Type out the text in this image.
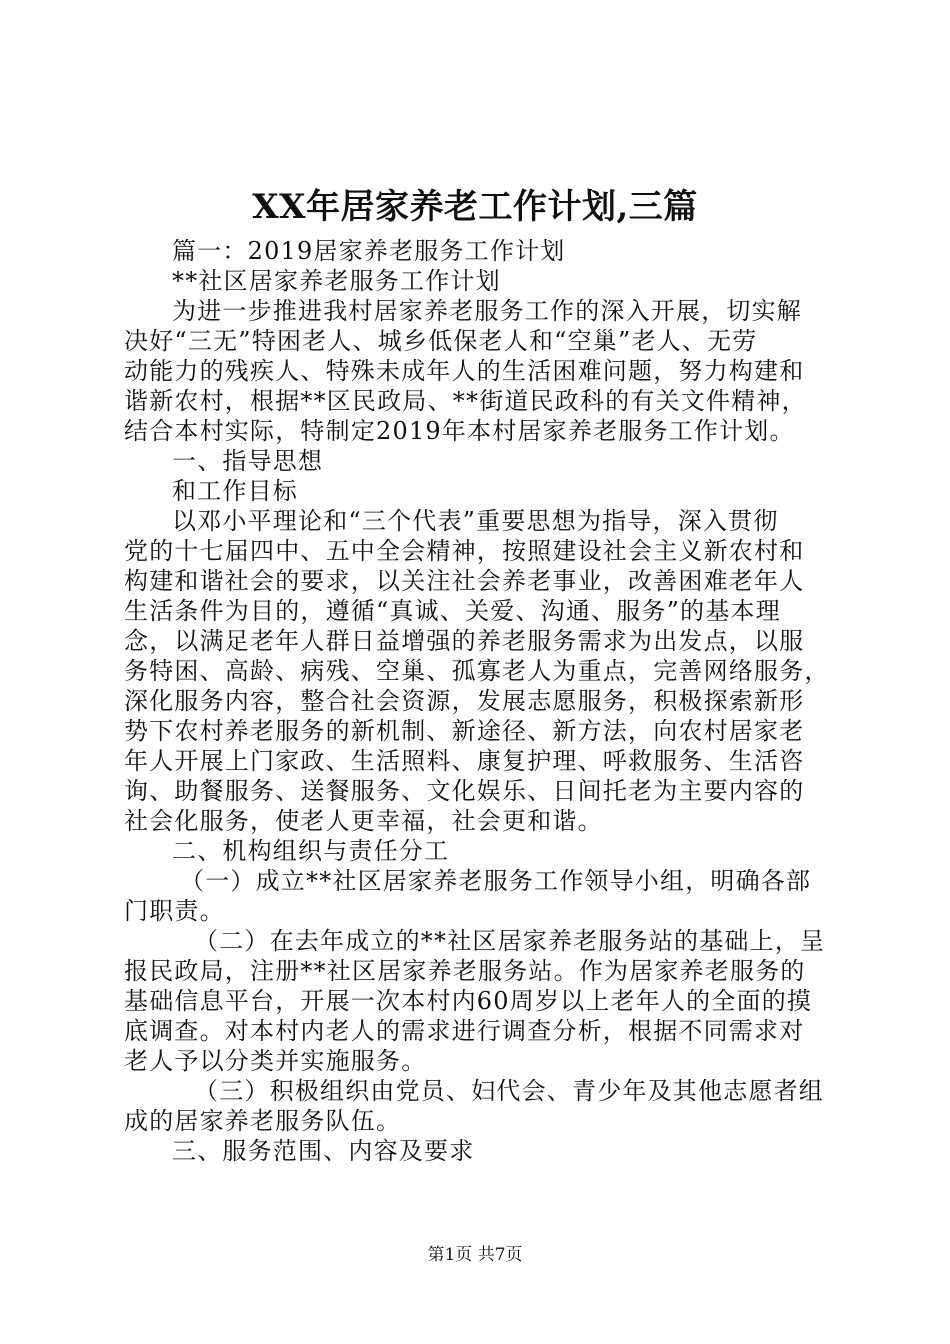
XX年居家养老工作计划,三篇
篇一：2019居家养老服务工作计划
**社区居家养老服务工作计划
为进一步推进我村居家养老服务工作的深入开展，切实解
决好“三无”特困老人、城乡低保老人和“空巢”老人、无劳
动能力的残疾人、特殊未成年人的生活困难问题，努力构建和
谐新农村，根据**区民政局、**街道民政科的有关文件精神，
结合本村实际，特制定2019年本村居家养老服务工作计划。
一、指导思想
和工作目标
以邓小平理论和“三个代表”重要思想为指导，深入贯彻
党的十七届四中、五中全会精神，按照建设社会主义新农村和
构建和谐社会的要求，以关注社会养老事业，改善困难老年人
生活条件为目的，遵循“真诚、关爱、沟通、服务”的基本理
念，以满足老年人群日益增强的养老服务需求为出发点，以服
务特困、高龄、病残、空巢、孤寡老人为重点，完善网络服务，
深化服务内容，整合社会资源，发展志愿服务，积极探索新形
势下农村养老服务的新机制、新途径、新方法，向农村居家老
年人开展上门家政、生活照料、康复护理、呼救服务、生活咨
询、助餐服务、送餐服务、文化娱乐、日间托老为主要内容的
社会化服务，使老人更幸福，社会更和谐。
二、机构组织与责任分工
（一）成立**社区居家养老服务工作领导小组，明确各部
门职责。
（二）在去年成立的**社区居家养老服务站的基础上，呈
报民政局，注册**社区居家养老服务站。作为居家养老服务的
基础信息平台，开展一次本村内60周岁以上老年人的全面的摸
底调查。对本村内老人的需求进行调查分析，根据不同需求对
老人予以分类并实施服务。
（三）积极组织由党员、妇代会、青少年及其他志愿者组
成的居家养老服务队伍。
三、服务范围、内容及要求
第1页 共7页
